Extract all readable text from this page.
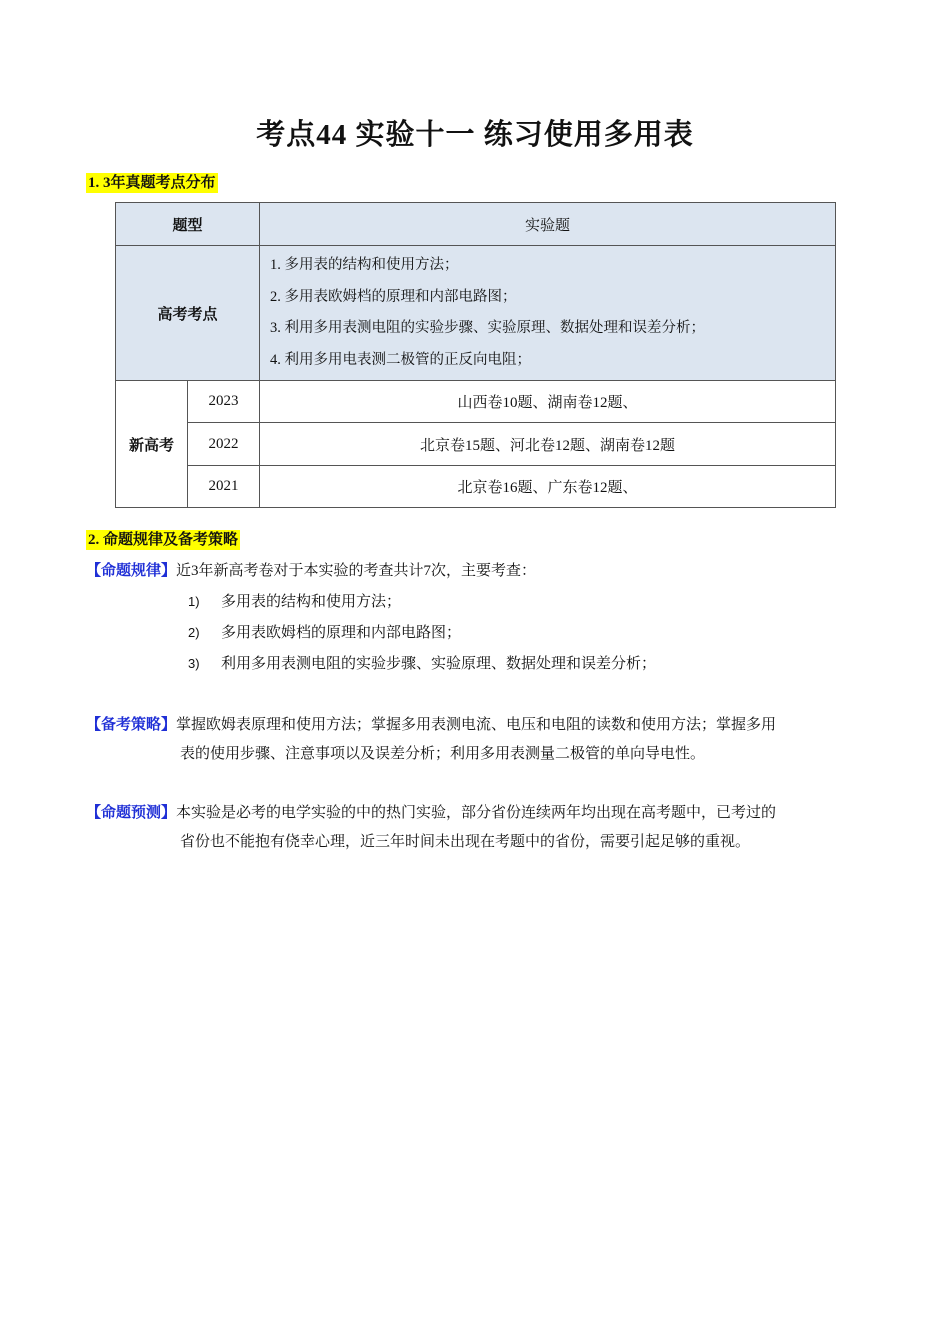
考点44 实验十一 练习使用多用表
1. 3年真题考点分布
题型		实验题
高考考点		1. 多用表的结构和使用方法；
2. 多用表欧姆档的原理和内部电路图；
3. 利用多用表测电阻的实验步骤、实验原理、数据处理和误差分析；
4. 利用多用电表测二极管的正反向电阻；

新高考	2023	山西卷10题、湖南卷12题、
	2022	北京卷15题、河北卷12题、湖南卷12题
	2021	北京卷16题、广东卷12题、
2. 命题规律及备考策略
【命题规律】近3年新高考卷对于本实验的考查共计7次，主要考查：
1) 多用表的结构和使用方法；
2) 多用表欧姆档的原理和内部电路图；
3) 利用多用表测电阻的实验步骤、实验原理、数据处理和误差分析；
【备考策略】掌握欧姆表原理和使用方法；掌握多用表测电流、电压和电阻的读数和使用方法；掌握多用
表的使用步骤、注意事项以及误差分析；利用多用表测量二极管的单向导电性。
【命题预测】本实验是必考的电学实验的中的热门实验，部分省份连续两年均出现在高考题中，已考过的
省份也不能抱有侥幸心理，近三年时间未出现在考题中的省份，需要引起足够的重视。
